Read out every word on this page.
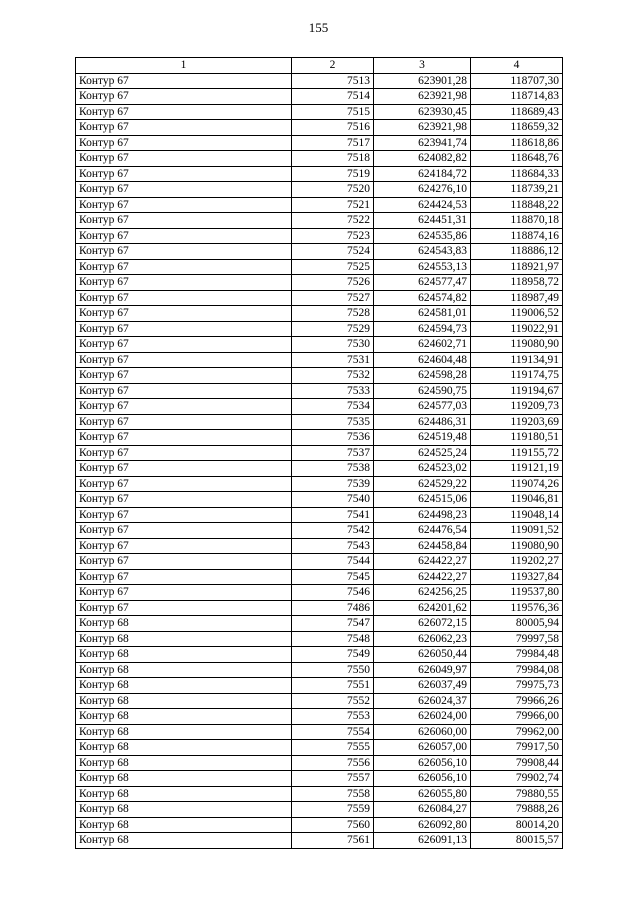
155
1	2	3	4
Контур 67	7513	623901,28	118707,30
Контур 67	7514	623921,98	118714,83
Контур 67	7515	623930,45	118689,43
Контур 67	7516	623921,98	118659,32
Контур 67	7517	623941,74	118618,86
Контур 67	7518	624082,82	118648,76
Контур 67	7519	624184,72	118684,33
Контур 67	7520	624276,10	118739,21
Контур 67	7521	624424,53	118848,22
Контур 67	7522	624451,31	118870,18
Контур 67	7523	624535,86	118874,16
Контур 67	7524	624543,83	118886,12
Контур 67	7525	624553,13	118921,97
Контур 67	7526	624577,47	118958,72
Контур 67	7527	624574,82	118987,49
Контур 67	7528	624581,01	119006,52
Контур 67	7529	624594,73	119022,91
Контур 67	7530	624602,71	119080,90
Контур 67	7531	624604,48	119134,91
Контур 67	7532	624598,28	119174,75
Контур 67	7533	624590,75	119194,67
Контур 67	7534	624577,03	119209,73
Контур 67	7535	624486,31	119203,69
Контур 67	7536	624519,48	119180,51
Контур 67	7537	624525,24	119155,72
Контур 67	7538	624523,02	119121,19
Контур 67	7539	624529,22	119074,26
Контур 67	7540	624515,06	119046,81
Контур 67	7541	624498,23	119048,14
Контур 67	7542	624476,54	119091,52
Контур 67	7543	624458,84	119080,90
Контур 67	7544	624422,27	119202,27
Контур 67	7545	624422,27	119327,84
Контур 67	7546	624256,25	119537,80
Контур 67	7486	624201,62	119576,36
Контур 68	7547	626072,15	80005,94
Контур 68	7548	626062,23	79997,58
Контур 68	7549	626050,44	79984,48
Контур 68	7550	626049,97	79984,08
Контур 68	7551	626037,49	79975,73
Контур 68	7552	626024,37	79966,26
Контур 68	7553	626024,00	79966,00
Контур 68	7554	626060,00	79962,00
Контур 68	7555	626057,00	79917,50
Контур 68	7556	626056,10	79908,44
Контур 68	7557	626056,10	79902,74
Контур 68	7558	626055,80	79880,55
Контур 68	7559	626084,27	79888,26
Контур 68	7560	626092,80	80014,20
Контур 68	7561	626091,13	80015,57
